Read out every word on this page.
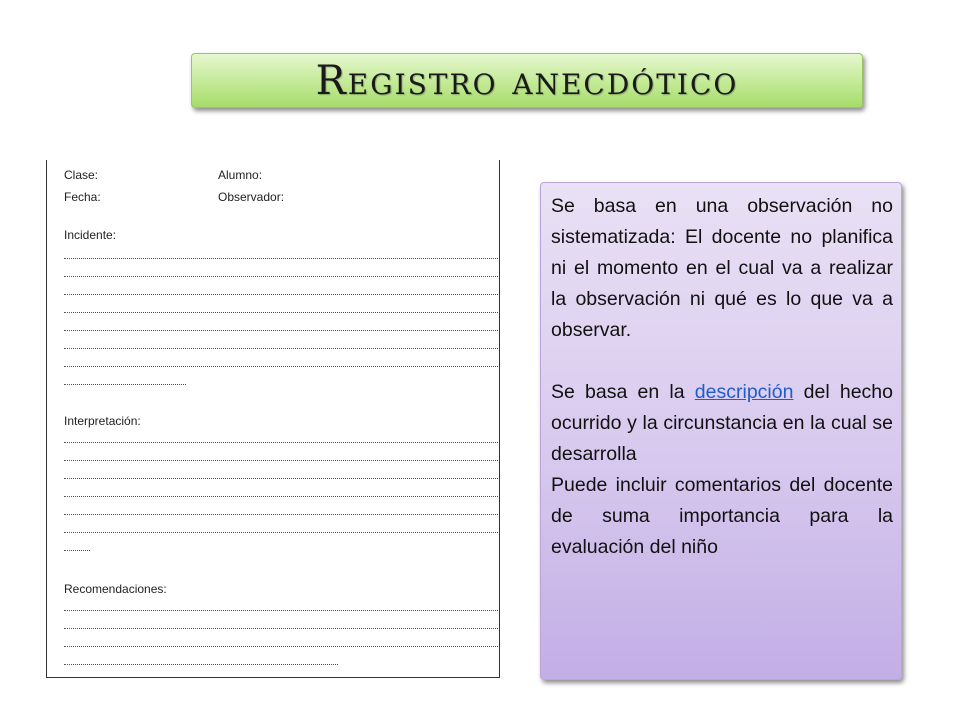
Registro anecdótico
Clase:	Alumno:
Fecha:	Observador:
Incidente:
Interpretación:
Recomendaciones:

Se basa en una observación no sistematizada: El docente no planifica ni el momento en el cual va a realizar la observación ni qué es lo que va a observar.

Se basa en la descripción del hecho ocurrido y la circunstancia en la cual se desarrolla

Puede incluir comentarios del docente de suma importancia para la evaluación del niño
